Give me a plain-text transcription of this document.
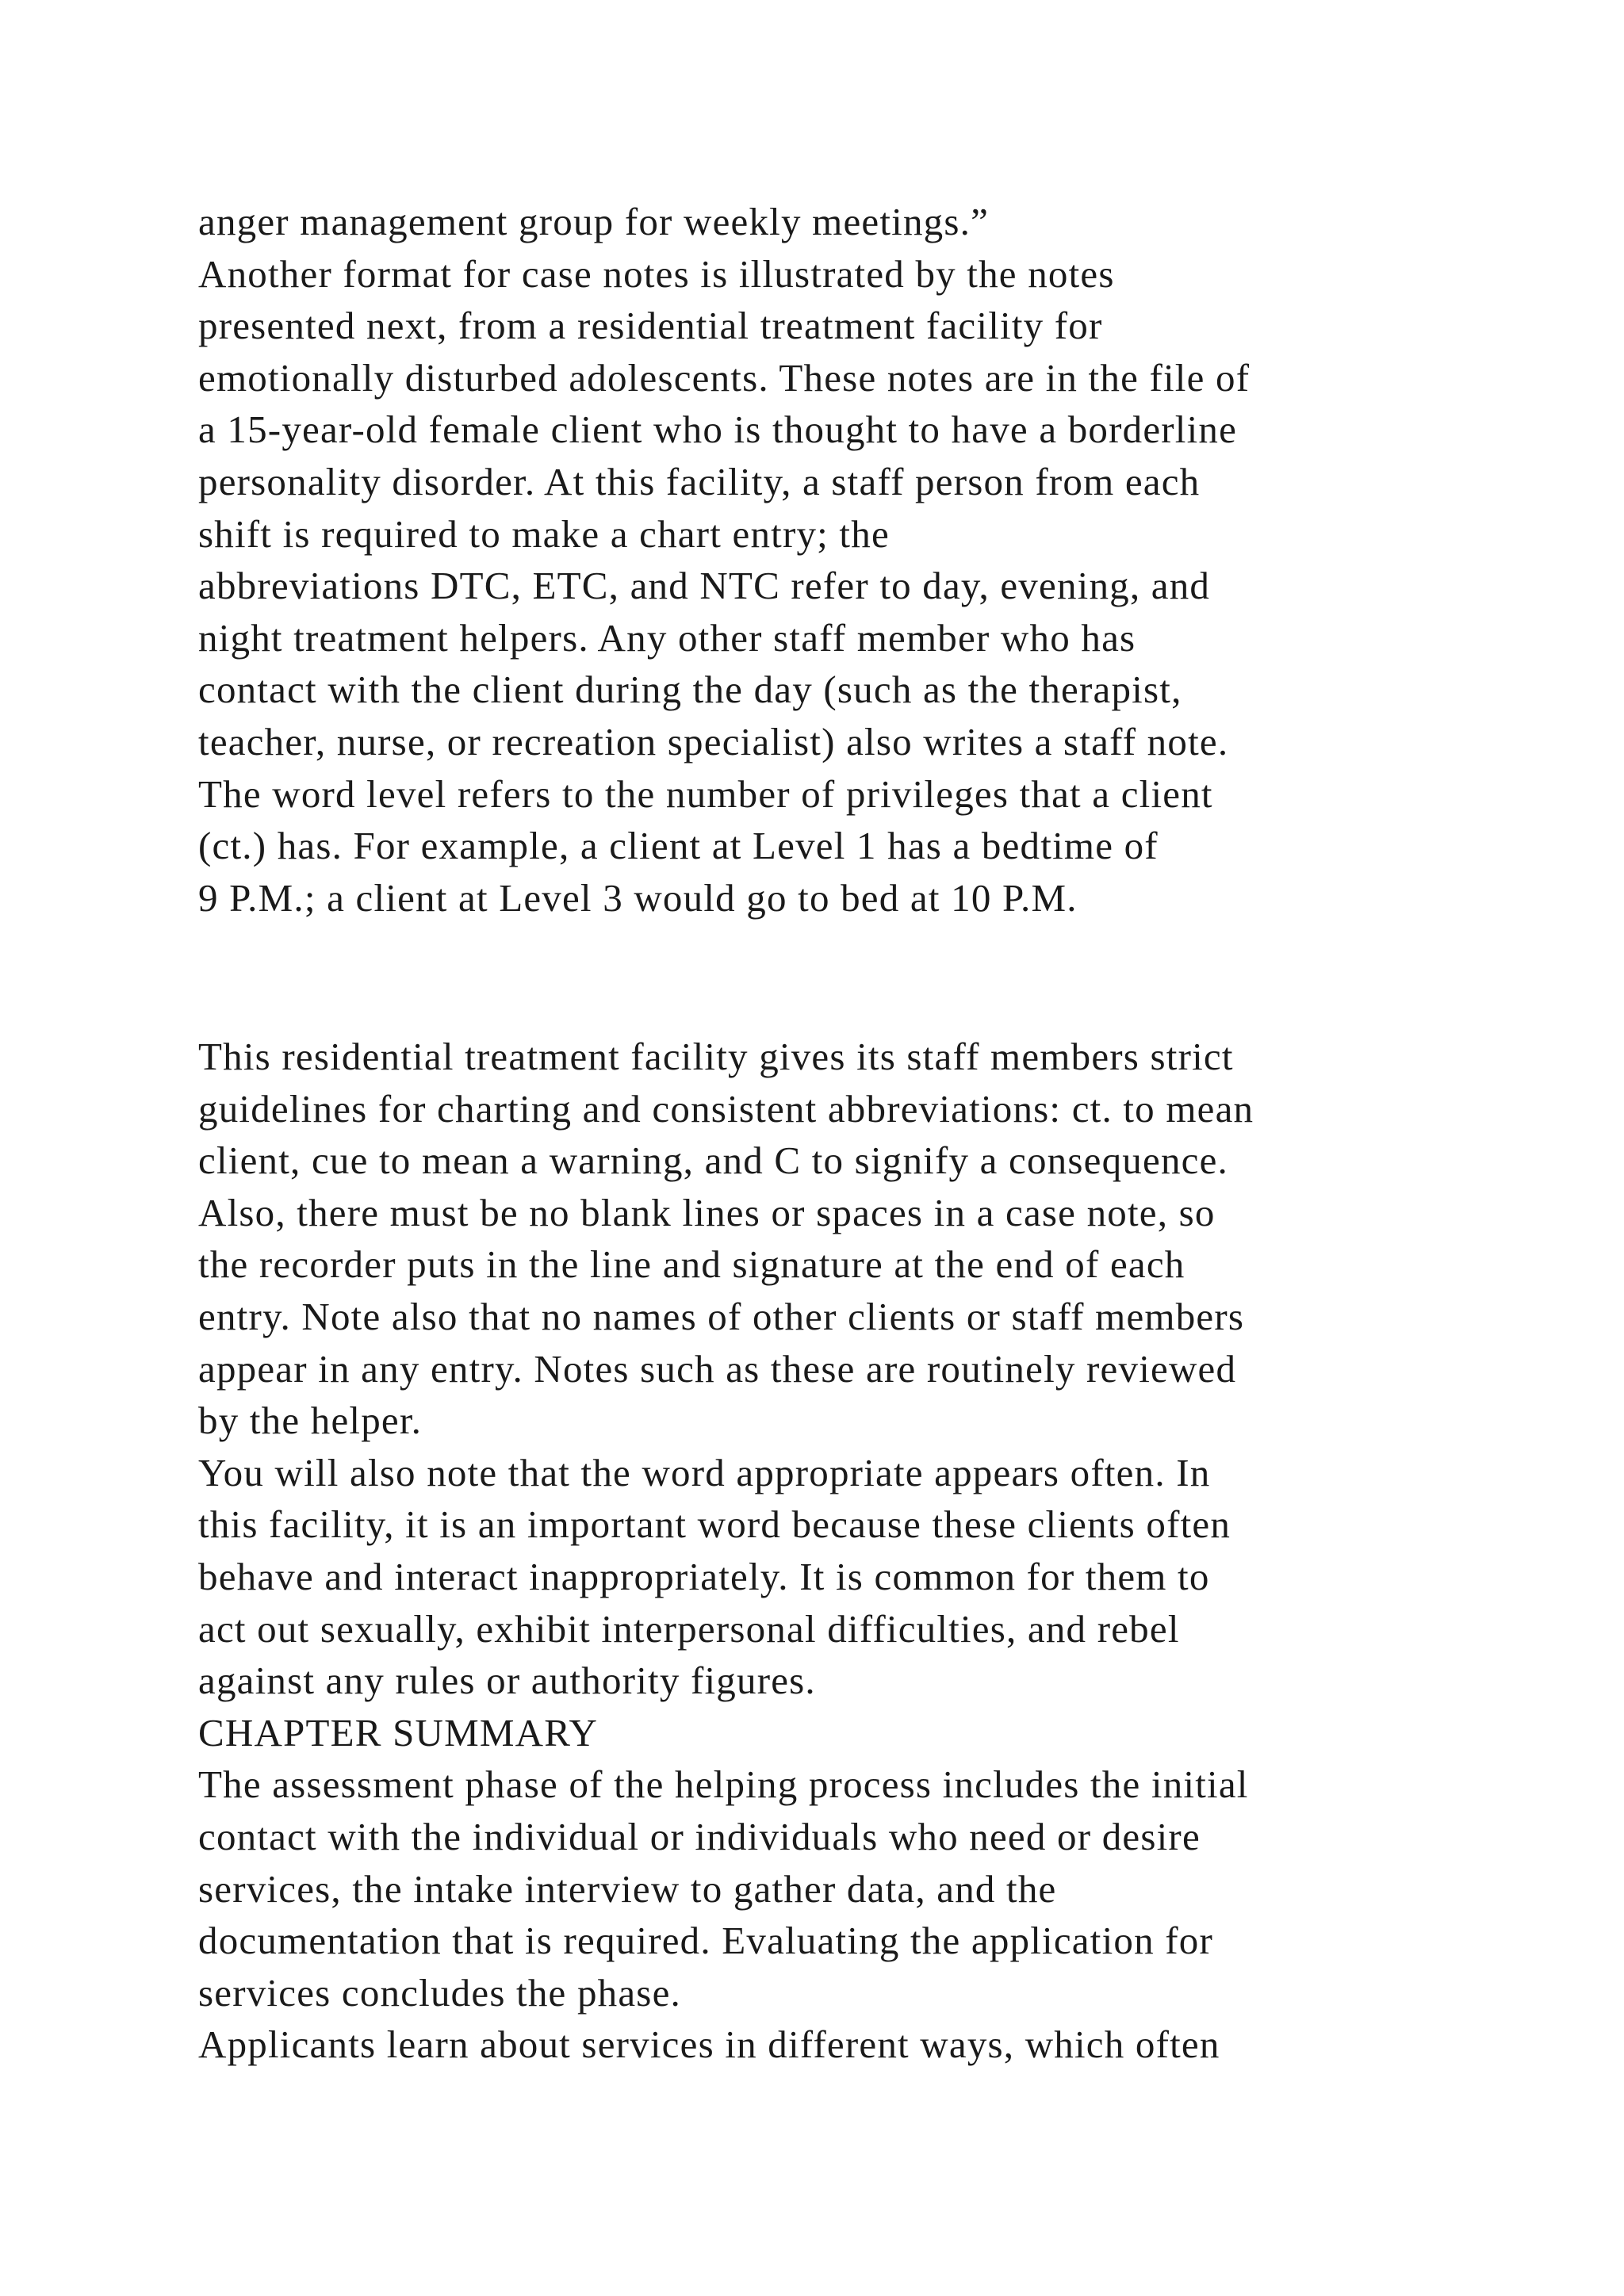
anger management group for weekly meetings.”
Another format for case notes is illustrated by the notes
presented next, from a residential treatment facility for
emotionally disturbed adolescents. These notes are in the file of
a 15-year-old female client who is thought to have a borderline
personality disorder. At this facility, a staff person from each
shift is required to make a chart entry; the
abbreviations DTC, ETC, and NTC refer to day, evening, and
night treatment helpers. Any other staff member who has
contact with the client during the day (such as the therapist,
teacher, nurse, or recreation specialist) also writes a staff note.
The word level refers to the number of privileges that a client
(ct.) has. For example, a client at Level 1 has a bedtime of
9 P.M.; a client at Level 3 would go to bed at 10 P.M.
This residential treatment facility gives its staff members strict
guidelines for charting and consistent abbreviations: ct. to mean
client, cue to mean a warning, and C to signify a consequence.
Also, there must be no blank lines or spaces in a case note, so
the recorder puts in the line and signature at the end of each
entry. Note also that no names of other clients or staff members
appear in any entry. Notes such as these are routinely reviewed
by the helper.
You will also note that the word appropriate appears often. In
this facility, it is an important word because these clients often
behave and interact inappropriately. It is common for them to
act out sexually, exhibit interpersonal difficulties, and rebel
against any rules or authority figures.
CHAPTER SUMMARY
The assessment phase of the helping process includes the initial
contact with the individual or individuals who need or desire
services, the intake interview to gather data, and the
documentation that is required. Evaluating the application for
services concludes the phase.
Applicants learn about services in different ways, which often
